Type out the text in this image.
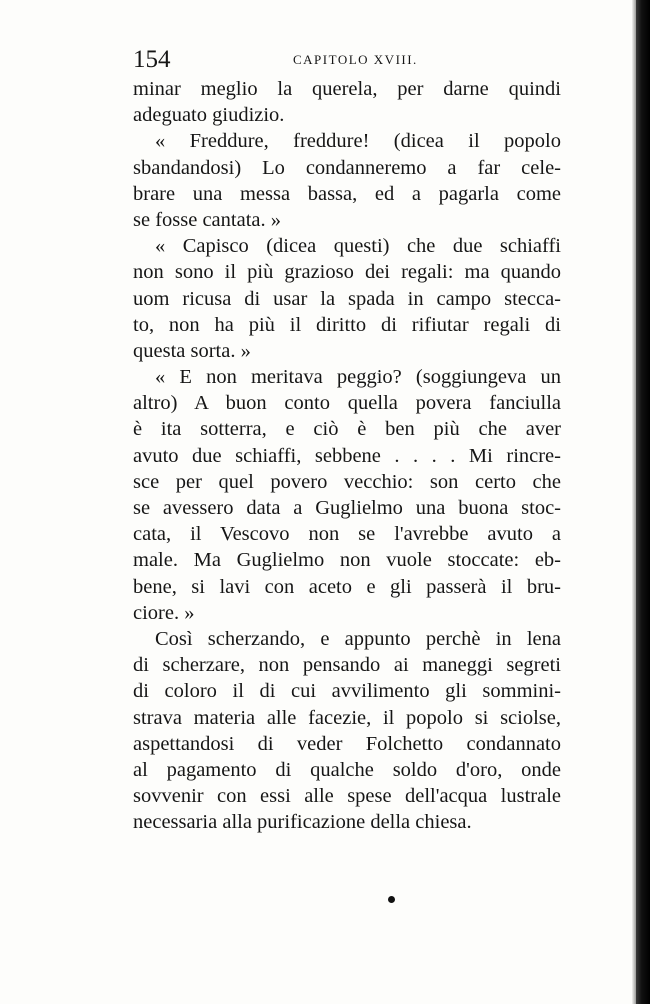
154	CAPITOLO XVIII.
minar meglio la querela, per darne quindi
adeguato giudizio.
« Freddure, freddure! (dicea il popolo
sbandandosi) Lo condanneremo a far cele-
brare una messa bassa, ed a pagarla come
se fosse cantata. »
« Capisco (dicea questi) che due schiaffi
non sono il più grazioso dei regali: ma quando
uom ricusa di usar la spada in campo stecca-
to, non ha più il diritto di rifiutar regali di
questa sorta. »
« E non meritava peggio? (soggiungeva un
altro) A buon conto quella povera fanciulla
è ita sotterra, e ciò è ben più che aver
avuto due schiaffi, sebbene . . . . Mi rincre-
sce per quel povero vecchio: son certo che
se avessero data a Guglielmo una buona stoc-
cata, il Vescovo non se l'avrebbe avuto a
male. Ma Guglielmo non vuole stoccate: eb-
bene, si lavi con aceto e gli passerà il bru-
ciore. »
Così scherzando, e appunto perchè in lena
di scherzare, non pensando ai maneggi segreti
di coloro il di cui avvilimento gli sommini-
strava materia alle facezie, il popolo si sciolse,
aspettandosi di veder Folchetto condannato
al pagamento di qualche soldo d'oro, onde
sovvenir con essi alle spese dell'acqua lustrale
necessaria alla purificazione della chiesa.
